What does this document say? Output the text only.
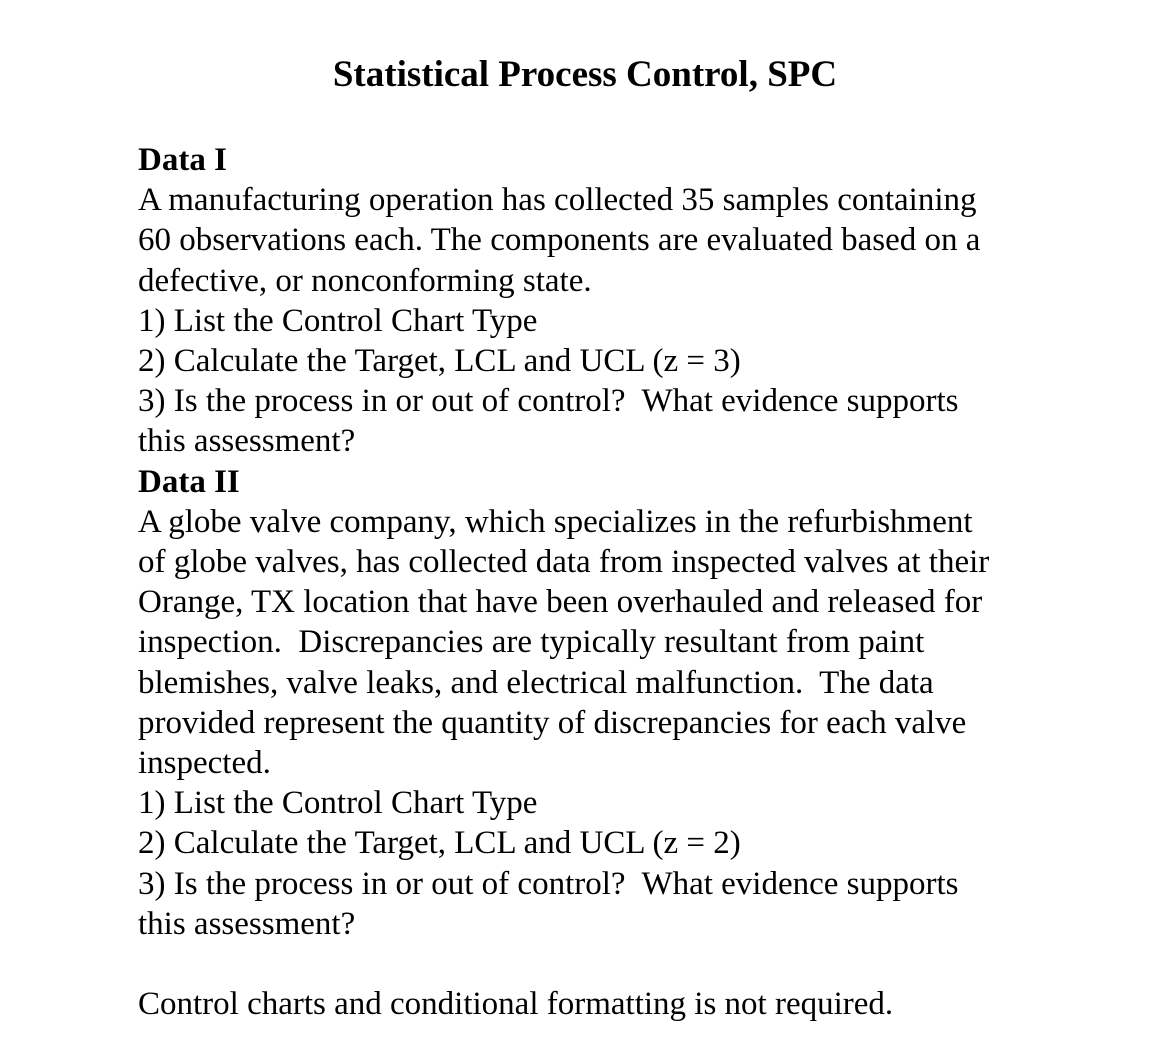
Statistical Process Control, SPC
Data I

A manufacturing operation has collected 35 samples containing

60 observations each. The components are evaluated based on a

defective, or nonconforming state.

1) List the Control Chart Type

2) Calculate the Target, LCL and UCL (z = 3)

3) Is the process in or out of control?  What evidence supports

this assessment?

Data II

A globe valve company, which specializes in the refurbishment

of globe valves, has collected data from inspected valves at their

Orange, TX location that have been overhauled and released for

inspection.  Discrepancies are typically resultant from paint

blemishes, valve leaks, and electrical malfunction.  The data

provided represent the quantity of discrepancies for each valve

inspected.

1) List the Control Chart Type

2) Calculate the Target, LCL and UCL (z = 2)

3) Is the process in or out of control?  What evidence supports

this assessment?

Control charts and conditional formatting is not required.
